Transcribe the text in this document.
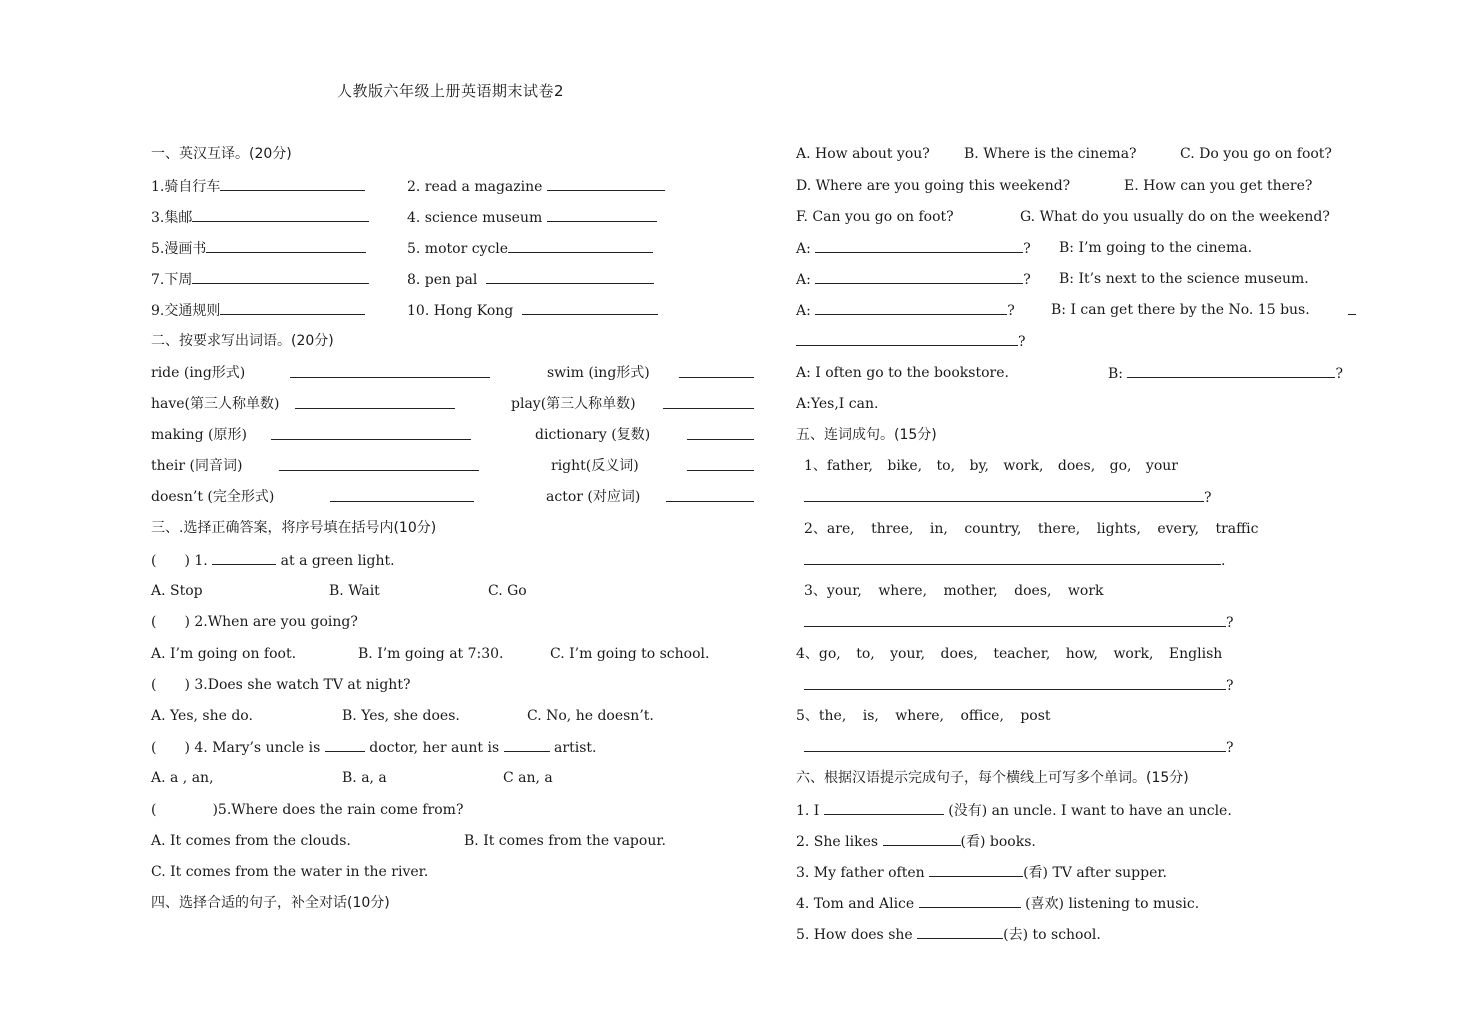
人教版六年级上册英语期末试卷2
一、英汉互译。(20分)
1.骑自行车	2. read a magazine
3.集邮	4. science museum
5.漫画书	5. motor cycle
7.下周	8. pen pal
9.交通规则	10. Hong Kong
二、按要求写出词语。(20分)
ride (ing形式)	swim (ing形式)
have(第三人称单数)	play(第三人称单数)
making (原形)	dictionary (复数)
their (同音词)	right(反义词)
doesn’t (完全形式)	actor (对应词)
三、.选择正确答案，将序号填在括号内(10分)
(　　) 1.	at a green light.
A. Stop	B. Wait	C. Go
(　　) 2.When are you going?
A. I’m going on foot.	B. I’m going at 7:30.	C. I’m going to school.
(　　) 3.Does she watch TV at night?
A. Yes, she do.	B. Yes, she does.	C. No, he doesn’t.
(　　) 4. Mary’s uncle is	doctor, her aunt is	artist.
A. a , an,	B. a, a	C an, a
(	)5.Where does the rain come from?
A. It comes from the clouds.	B. It comes from the vapour.
C. It comes from the water in the river.
四、选择合适的句子，补全对话(10分)
A. How about you? B. Where is the cinema?	C. Do you go on foot?
D. Where are you going this weekend?	E. How can you get there?
F. Can you go on foot?	G. What do you usually do on the weekend?
A:	? B: I’m going to the cinema.
A:	? B: It’s next to the science museum.
A:	?	B: I can get there by the No. 15 bus.
?
A: I often go to the bookstore.	B:	?
A:Yes,I can.
五、连词成句。(15分)
1、father, bike, to, by, work, does, go, your
?
2、are, three, in, country, there, lights, every, traffic
.
3、your, where, mother, does, work
?
4、go, to, your, does, teacher, how, work, English
?
5、the, is, where, office, post
?
六、根据汉语提示完成句子，每个横线上可写多个单词。(15分)
1. I	(没有) an uncle. I want to have an uncle.
2. She likes	(看) books.
3. My father often	(看) TV after supper.
4. Tom and Alice	(喜欢) listening to music.
5. How does she	(去) to school.
